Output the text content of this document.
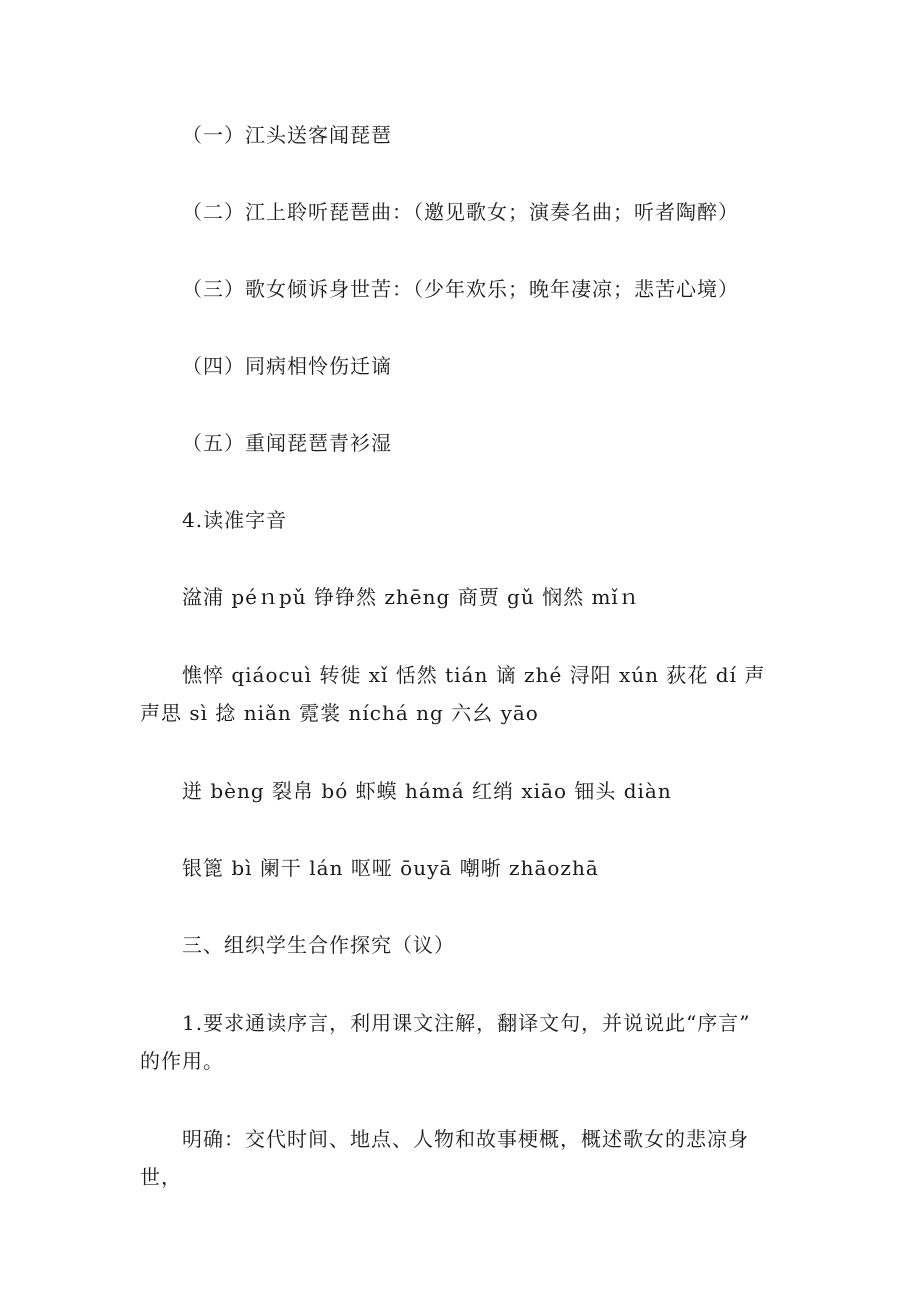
（一）江头送客闻琵琶
（二）江上聆听琵琶曲：（邀见歌女；演奏名曲；听者陶醉）
（三）歌女倾诉身世苦：（少年欢乐；晚年凄凉；悲苦心境）
（四）同病相怜伤迁谪
（五）重闻琵琶青衫湿
4.读准字音
湓浦 péｎpǔ 铮铮然 zhēng 商贾 gǔ 悯然 mǐｎ
憔悴 qiáocuì 转徙 xǐ 恬然 tián 谪 zhé 浔阳 xún 荻花 dí 声
声思 sì 捻 niǎn 霓裳 níchá ng 六幺 yāo
迸 bèng 裂帛 bó 虾蟆 hámá 红绡 xiāo 钿头 diàn
银篦 bì 阑干 lán 呕哑 ōuyā 嘲哳 zhāozhā
三、组织学生合作探究（议）
1.要求通读序言，利用课文注解，翻译文句，并说说此“序言”
的作用。
明确：交代时间、地点、人物和故事梗概，概述歌女的悲凉身世，
